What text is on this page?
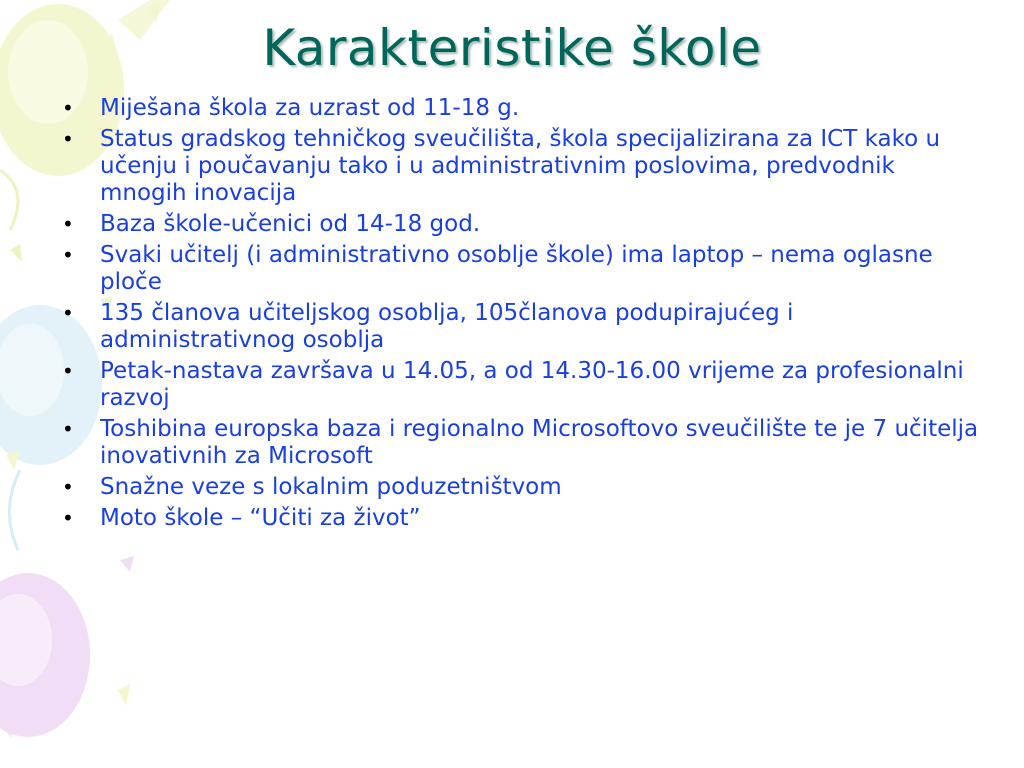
Karakteristike škole
•	Miješana škola za uzrast od 11-18 g.
•	Status gradskog tehničkog sveučilišta, škola specijalizirana za ICT kako u učenju i poučavanju tako i u administrativnim poslovima, predvodnik mnogih inovacija
•	Baza škole-učenici od 14-18 god.
•	Svaki učitelj (i administrativno osoblje škole) ima laptop – nema oglasne ploče
•	135 članova učiteljskog osoblja, 105članova podupirajućeg i administrativnog osoblja
•	Petak-nastava završava u 14.05, a od 14.30-16.00 vrijeme za profesionalni razvoj
•	Toshibina europska baza i regionalno Microsoftovo sveučilište te je 7 učitelja inovativnih za Microsoft
•	Snažne veze s lokalnim poduzetništvom
•	Moto škole – “Učiti za život”
